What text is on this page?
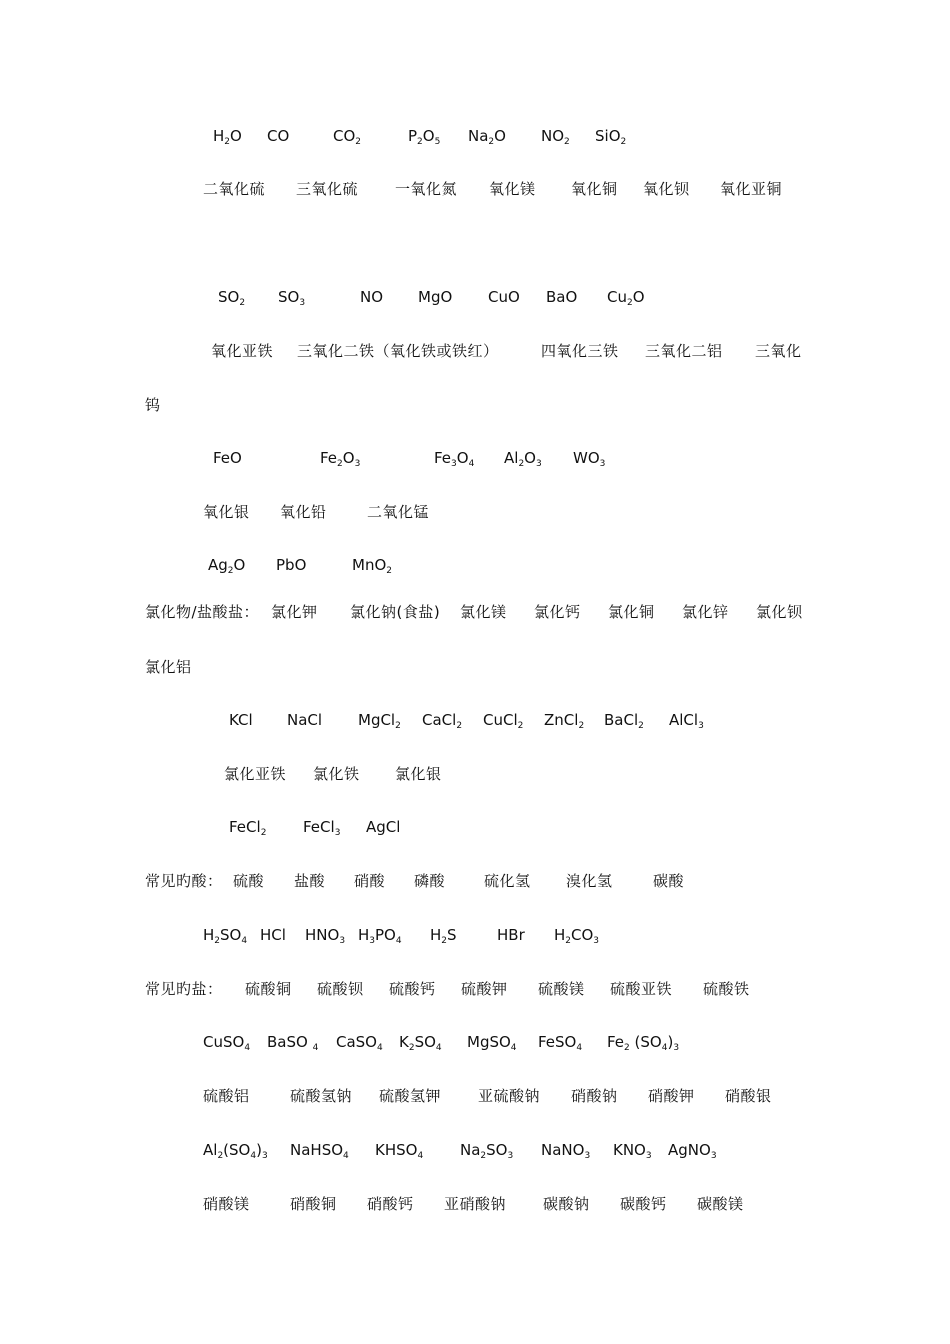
$H_2O$ CO	$CO_2$	$P_2O_5$ $Na_2O$ $NO_2$ SiO$_2$
二氧化硫 三氧化硫 一氧化氮 氧化镁 氧化铜 氧化钡 氧化亚铜
$SO_2$ $SO_3$	NO MgO CuO BaO $Cu_2O$
氧化亚铁 三氧化二铁（氧化铁或铁红）	四氧化三铁 三氧化二铝 三氧化
钨
FeO	$Fe_2O_3$	$Fe_3O_4$ $Al_2O_3$ $WO_3$
氧化银 氧化铅	二氧化锰
$Ag_2O$ PbO	MnO$_2$
氯化物/盐酸盐： 氯化钾 氯化钠(食盐) 氯化镁 氯化钙 氯化铜 氯化锌 氯化钡
氯化铝
KCl NaCl MgCl$_2$ CaCl$_2$ CuCl$_2$ ZnCl$_2$ BaCl$_2$ AlCl$_3$
氯化亚铁 氯化铁 氯化银
FeCl$_2$ FeCl$_3$ AgCl
常见旳酸： 硫酸 盐酸 硝酸 磷酸	硫化氢 溴化氢	碳酸
$H_2SO_4$ HCl $HNO_3$ $H_3PO_4$ $H_2S$	HBr $H_2CO_3$
常见旳盐： 硫酸铜 硫酸钡 硫酸钙 硫酸钾 硫酸镁 硫酸亚铁 硫酸铁
CuSO$_4$ BaSO $_4$ CaSO$_4$ $K_2SO_4$ MgSO$_4$ FeSO$_4$ $Fe_2$ $(SO_4)_3$
硫酸铝	硫酸氢钠 硫酸氢钾 亚硫酸钠 硝酸钠 硝酸钾 硝酸银
$Al_2(SO_4)_3$ NaHSO$_4$ $KHSO_4$ $Na_2SO_3$ NaNO$_3$ $KNO_3$ AgNO$_3$
硝酸镁	硝酸铜 硝酸钙 亚硝酸钠 碳酸钠 碳酸钙 碳酸镁
